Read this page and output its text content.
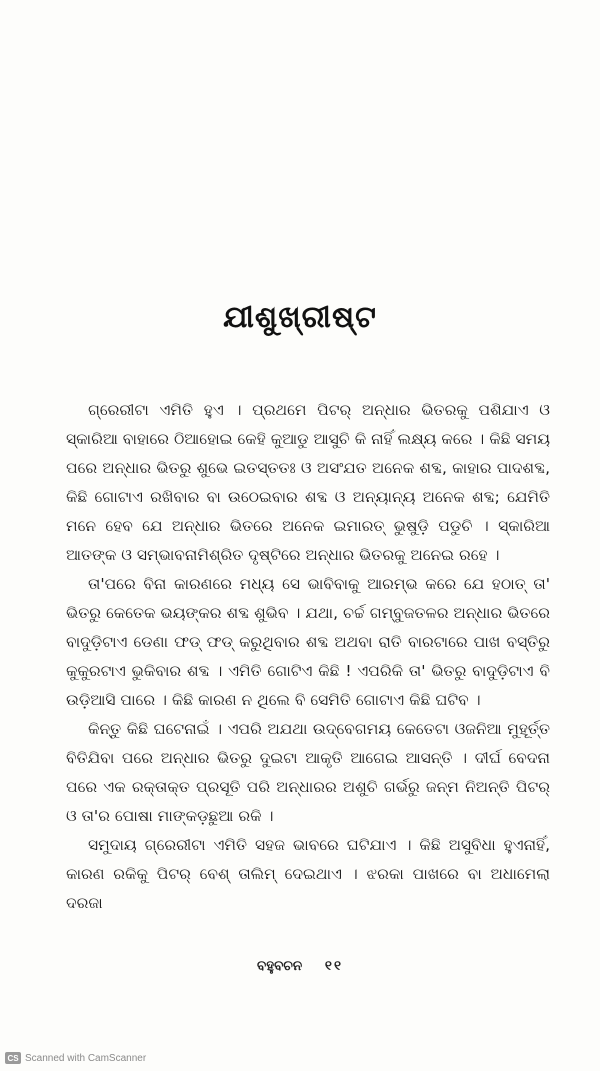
ଯୀଶୁଖ୍ରୀଷ୍ଟ

ଗ୍ରେରୀଟା ଏମିତି ହୁଏ । ପ୍ରଥମେ ପିଟର୍ ଅନ୍ଧାର ଭିତରକୁ ପଶିଯାଏ ଓ ସ୍କାରିଆ ବାହାରେ ଠିଆହୋଇ କେହି କୁଆଡୁ ଆସୁଚି କି ନାହିଁ ଲକ୍ଷ୍ୟ କରେ । କିଛି ସମୟ ପରେ ଅନ୍ଧାର ଭିତରୁ ଶୁଭେ ଇତସ୍ତତଃ ଓ ଅସଂଯତ ଅନେକ ଶବ୍ଦ, କାହାର ପାଦଶବ୍ଦ, କିଛି ଗୋଟାଏ ରଖିବାର ବା ଉଠେଇବାର ଶବ୍ଦ ଓ ଅନ୍ୟାନ୍ୟ ଅନେକ ଶବ୍ଦ; ଯେମିତି ମନେ ହେବ ଯେ ଅନ୍ଧାର ଭିତରେ ଅନେକ ଇମାରତ୍ ଭୁଷୁଡ଼ି ପଡୁଚି । ସ୍କାରିଆ ଆତଙ୍କ ଓ ସମ୍ଭାବନାମିଶ୍ରିତ ଦୃଷ୍ଟିରେ ଅନ୍ଧାର ଭିତରକୁ ଅନେଇ ରହେ ।

ତା'ପରେ ବିନା କାରଣରେ ମଧ୍ୟ ସେ ଭାବିବାକୁ ଆରମ୍ଭ କରେ ଯେ ହଠାତ୍ ତା' ଭିତରୁ କେତେକ ଭୟଙ୍କର ଶବ୍ଦ ଶୁଭିବ । ଯଥା, ଚର୍ଚ୍ଚ ଗମ୍ବୁଜତଳର ଅନ୍ଧାର ଭିତରେ ବାଦୁଡ଼ିଟାଏ ଡେଣା ଫଡ୍ ଫଡ୍ କରୁଥିବାର ଶବ୍ଦ ଅଥବା ରାତି ବାରଟାରେ ପାଖ ବସ୍ତିରୁ କୁକୁରଟାଏ ଭୁକିବାର ଶବ୍ଦ । ଏମିତି ଗୋଟିଏ କିଛି ! ଏପରିକି ତା' ଭିତରୁ ବାଦୁଡ଼ିଟାଏ ବି ଉଡ଼ିଆସି ପାରେ । କିଛି କାରଣ ନ ଥିଲେ ବି ସେମିତି ଗୋଟାଏ କିଛି ଘଟିବ ।

କିନ୍ତୁ କିଛି ଘଟେନାଇଁ । ଏପରି ଅଯଥା ଉଦ୍ବେଗମୟ କେତେଟା ଓଜନିଆ ମୁହୂର୍ତ୍ତ ବିତିଯିବା ପରେ ଅନ୍ଧାର ଭିତରୁ ଦୁଇଟା ଆକୃତି ଆଗେଇ ଆସନ୍ତି । ଦୀର୍ଘ ବେଦନା ପରେ ଏକ ରକ୍ତାକ୍ତ ପ୍ରସୂତି ପରି ଅନ୍ଧାରର ଅଶୁଚି ଗର୍ଭରୁ ଜନ୍ମ ନିଅନ୍ତି ପିଟର୍ ଓ ତା'ର ପୋଷା ମାଙ୍କଡ଼ଛୁଆ ରକି ।

ସମୁଦାୟ ଗ୍ରେରୀଟା ଏମିତି ସହଜ ଭାବରେ ଘଟିଯାଏ । କିଛି ଅସୁବିଧା ହୁଏନାହିଁ, କାରଣ ରକିକୁ ପିଟର୍ ବେଶ୍ ତାଲିମ୍ ଦେଇଥାଏ । ଝରକା ପାଖରେ ବା ଅଧାମେଲା ଦରଜା

ବହୁବଚନ ୧୧
CS Scanned with CamScanner
